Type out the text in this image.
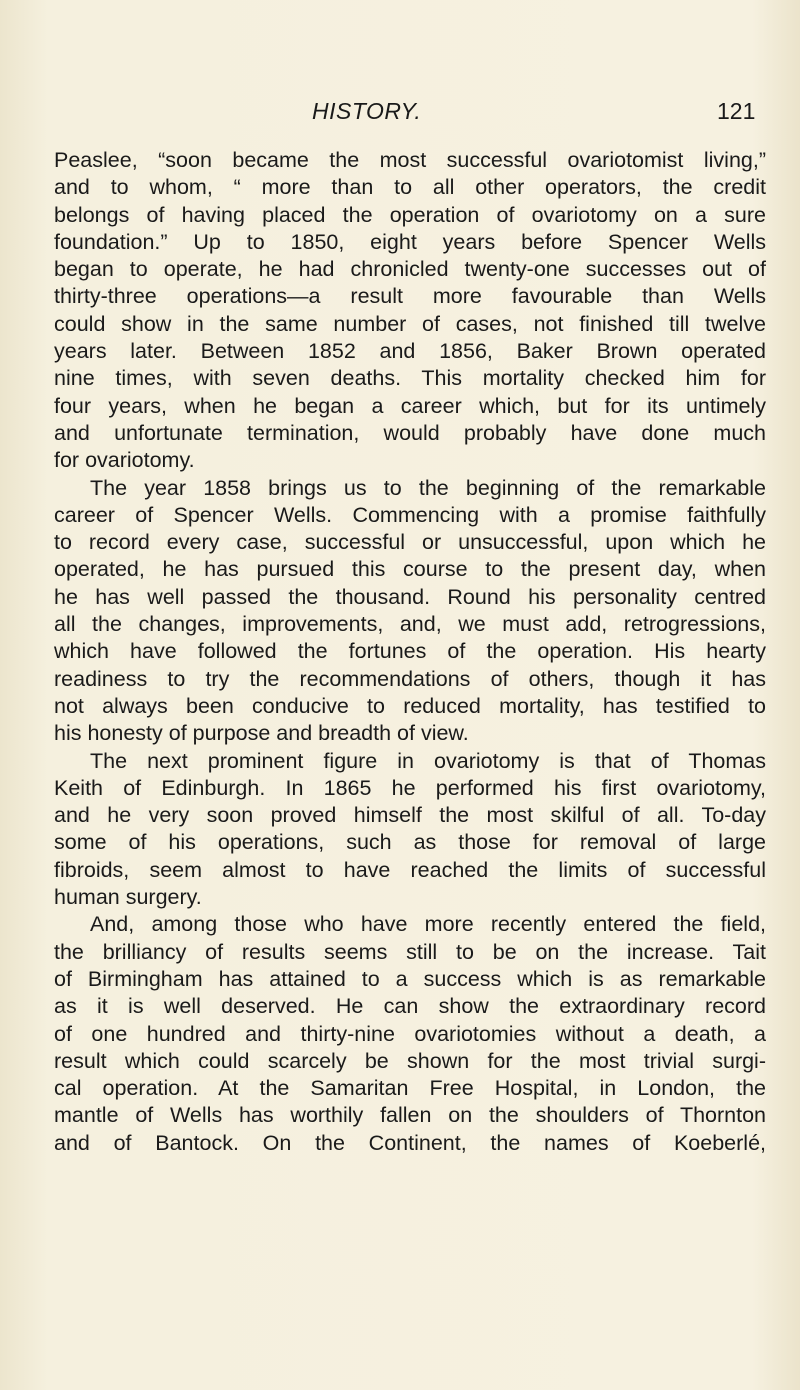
HISTORY.	121
Peaslee, “soon became the most successful ovariotomist living,”
and to whom, “ more than to all other operators, the credit
belongs of having placed the operation of ovariotomy on a sure
foundation.” Up to 1850, eight years before Spencer Wells
began to operate, he had chronicled twenty-one successes out of
thirty-three operations—a result more favourable than Wells
could show in the same number of cases, not finished till twelve
years later. Between 1852 and 1856, Baker Brown operated
nine times, with seven deaths. This mortality checked him for
four years, when he began a career which, but for its untimely
and unfortunate termination, would probably have done much
for ovariotomy.
The year 1858 brings us to the beginning of the remarkable
career of Spencer Wells. Commencing with a promise faithfully
to record every case, successful or unsuccessful, upon which he
operated, he has pursued this course to the present day, when
he has well passed the thousand. Round his personality centred
all the changes, improvements, and, we must add, retrogressions,
which have followed the fortunes of the operation. His hearty
readiness to try the recommendations of others, though it has
not always been conducive to reduced mortality, has testified to
his honesty of purpose and breadth of view.
The next prominent figure in ovariotomy is that of Thomas
Keith of Edinburgh. In 1865 he performed his first ovariotomy,
and he very soon proved himself the most skilful of all. To-day
some of his operations, such as those for removal of large
fibroids, seem almost to have reached the limits of successful
human surgery.
And, among those who have more recently entered the field,
the brilliancy of results seems still to be on the increase. Tait
of Birmingham has attained to a success which is as remarkable
as it is well deserved. He can show the extraordinary record
of one hundred and thirty-nine ovariotomies without a death, a
result which could scarcely be shown for the most trivial surgi-
cal operation. At the Samaritan Free Hospital, in London, the
mantle of Wells has worthily fallen on the shoulders of Thornton
and of Bantock. On the Continent, the names of Koeberlé,
